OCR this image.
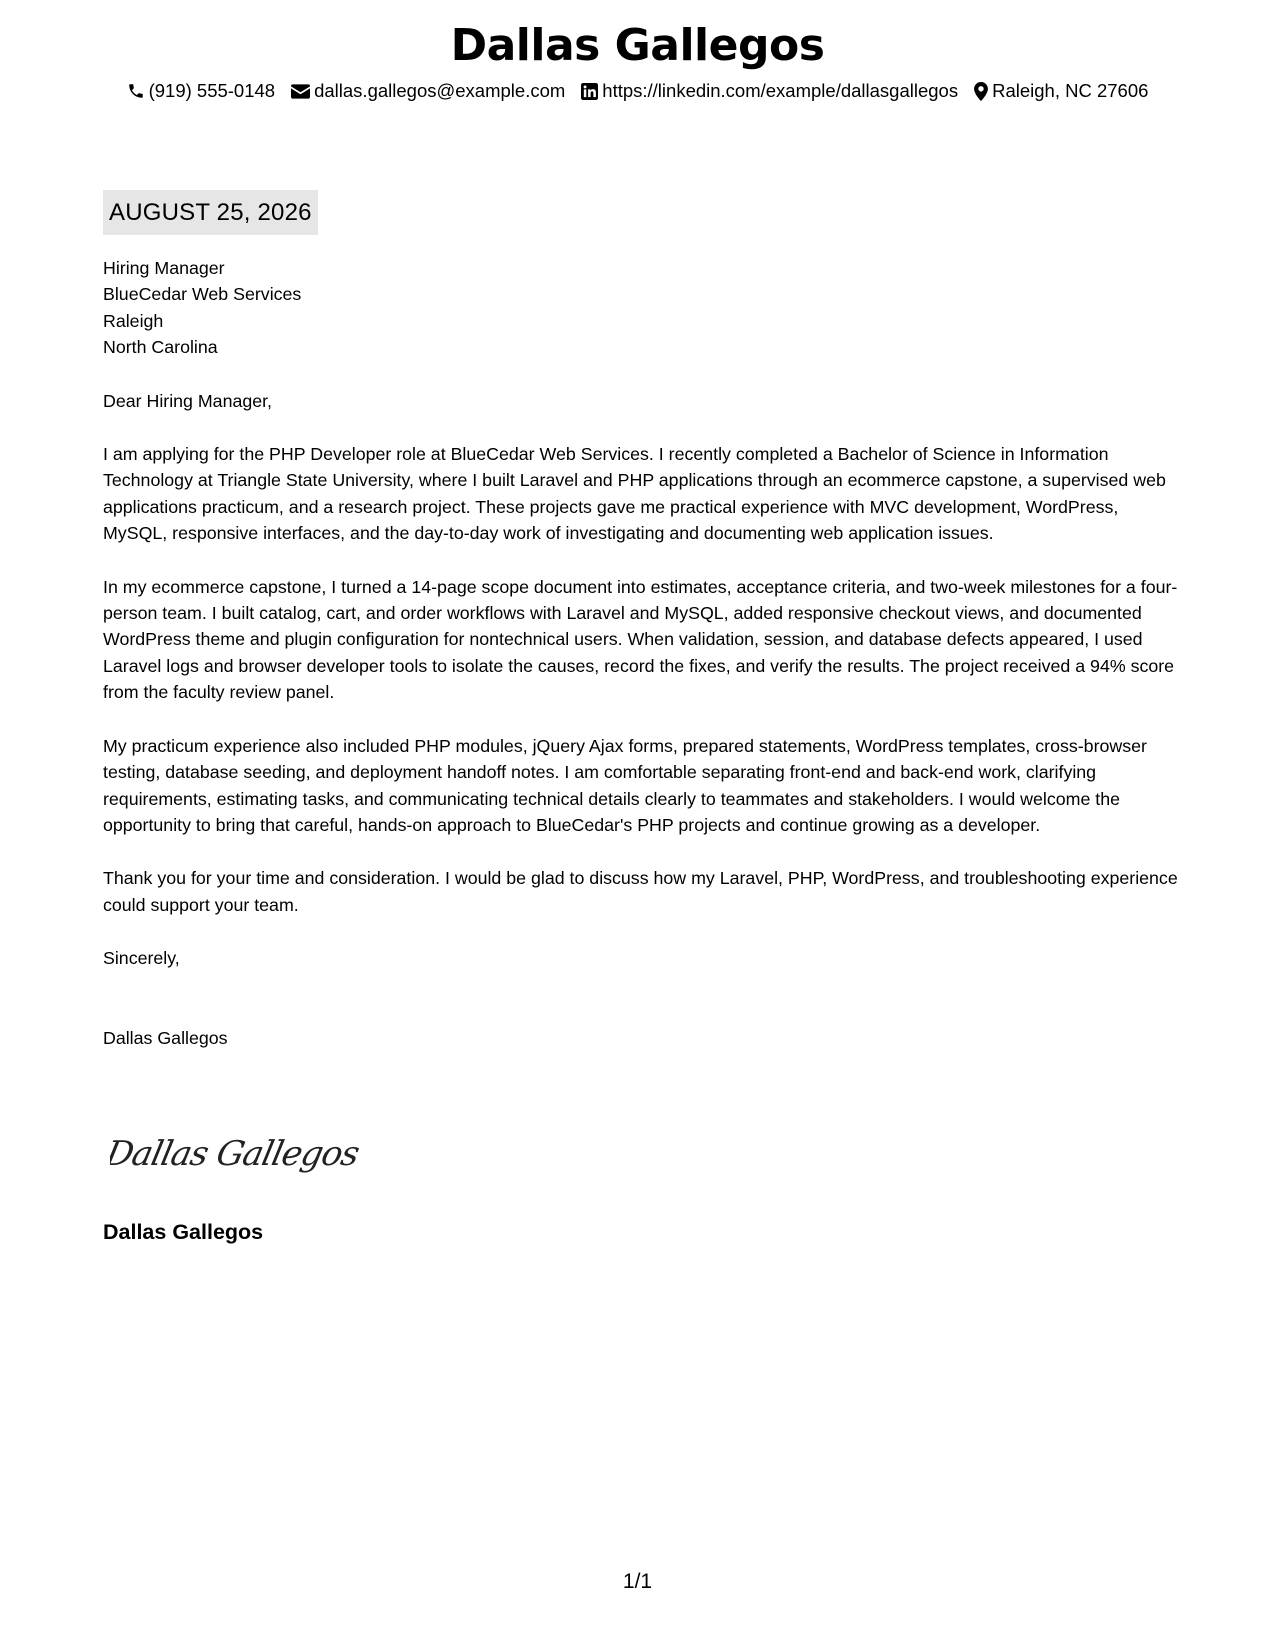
Dallas Gallegos
(919) 555-0148 dallas.gallegos@example.com https://linkedin.com/example/dallasgallegos Raleigh, NC 27606
AUGUST 25, 2026
Hiring Manager
BlueCedar Web Services
Raleigh
North Carolina
Dear Hiring Manager,
I am applying for the PHP Developer role at BlueCedar Web Services. I recently completed a Bachelor of Science in Information Technology at Triangle State University, where I built Laravel and PHP applications through an ecommerce capstone, a supervised web applications practicum, and a research project. These projects gave me practical experience with MVC development, WordPress, MySQL, responsive interfaces, and the day-to-day work of investigating and documenting web application issues.
In my ecommerce capstone, I turned a 14-page scope document into estimates, acceptance criteria, and two-week milestones for a four-person team. I built catalog, cart, and order workflows with Laravel and MySQL, added responsive checkout views, and documented WordPress theme and plugin configuration for nontechnical users. When validation, session, and database defects appeared, I used Laravel logs and browser developer tools to isolate the causes, record the fixes, and verify the results. The project received a 94% score from the faculty review panel.
My practicum experience also included PHP modules, jQuery Ajax forms, prepared statements, WordPress templates, cross-browser testing, database seeding, and deployment handoff notes. I am comfortable separating front-end and back-end work, clarifying requirements, estimating tasks, and communicating technical details clearly to teammates and stakeholders. I would welcome the opportunity to bring that careful, hands-on approach to BlueCedar's PHP projects and continue growing as a developer.
Thank you for your time and consideration. I would be glad to discuss how my Laravel, PHP, WordPress, and troubleshooting experience could support your team.
Sincerely,
Dallas Gallegos
Dallas Gallegos
Dallas Gallegos
1/1
